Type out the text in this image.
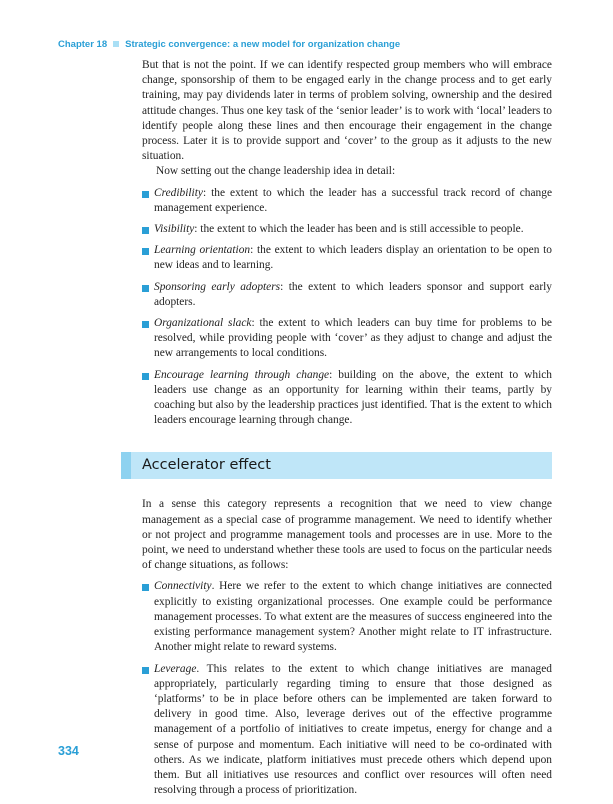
Chapter 18 Strategic convergence: a new model for organization change

But that is not the point. If we can identify respected group members who will embrace change, sponsorship of them to be engaged early in the change process and to get early training, may pay dividends later in terms of problem solving, ownership and the desired attitude changes. Thus one key task of the ‘senior leader’ is to work with ‘local’ leaders to identify people along these lines and then encourage their engagement in the change process. Later it is to provide support and ‘cover’ to the group as it adjusts to the new situation.

Now setting out the change leadership idea in detail:

Credibility: the extent to which the leader has a successful track record of change management experience.
Visibility: the extent to which the leader has been and is still accessible to people.
Learning orientation: the extent to which leaders display an orientation to be open to new ideas and to learning.
Sponsoring early adopters: the extent to which leaders sponsor and support early adopters.
Organizational slack: the extent to which leaders can buy time for problems to be resolved, while providing people with ‘cover’ as they adjust to change and adjust the new arrangements to local conditions.
Encourage learning through change: building on the above, the extent to which leaders use change as an opportunity for learning within their teams, partly by coaching but also by the leadership practices just identified. That is the extent to which leaders encourage learning through change.
Accelerator effect

In a sense this category represents a recognition that we need to view change management as a special case of programme management. We need to identify whether or not project and programme management tools and processes are in use. More to the point, we need to understand whether these tools are used to focus on the particular needs of change situations, as follows:

Connectivity. Here we refer to the extent to which change initiatives are connected explicitly to existing organizational processes. One example could be performance management processes. To what extent are the measures of success engineered into the existing performance management system? Another might relate to IT infrastructure. Another might relate to reward systems.
Leverage. This relates to the extent to which change initiatives are managed appropriately, particularly regarding timing to ensure that those designed as ‘platforms’ to be in place before others can be implemented are taken forward to delivery in good time. Also, leverage derives out of the effective programme management of a portfolio of initiatives to create impetus, energy for change and a sense of purpose and momentum. Each initiative will need to be co-ordinated with others. As we indicate, platform initiatives must precede others which depend upon them. But all initiatives use resources and conflict over resources will often need resolving through a process of prioritization.
334
